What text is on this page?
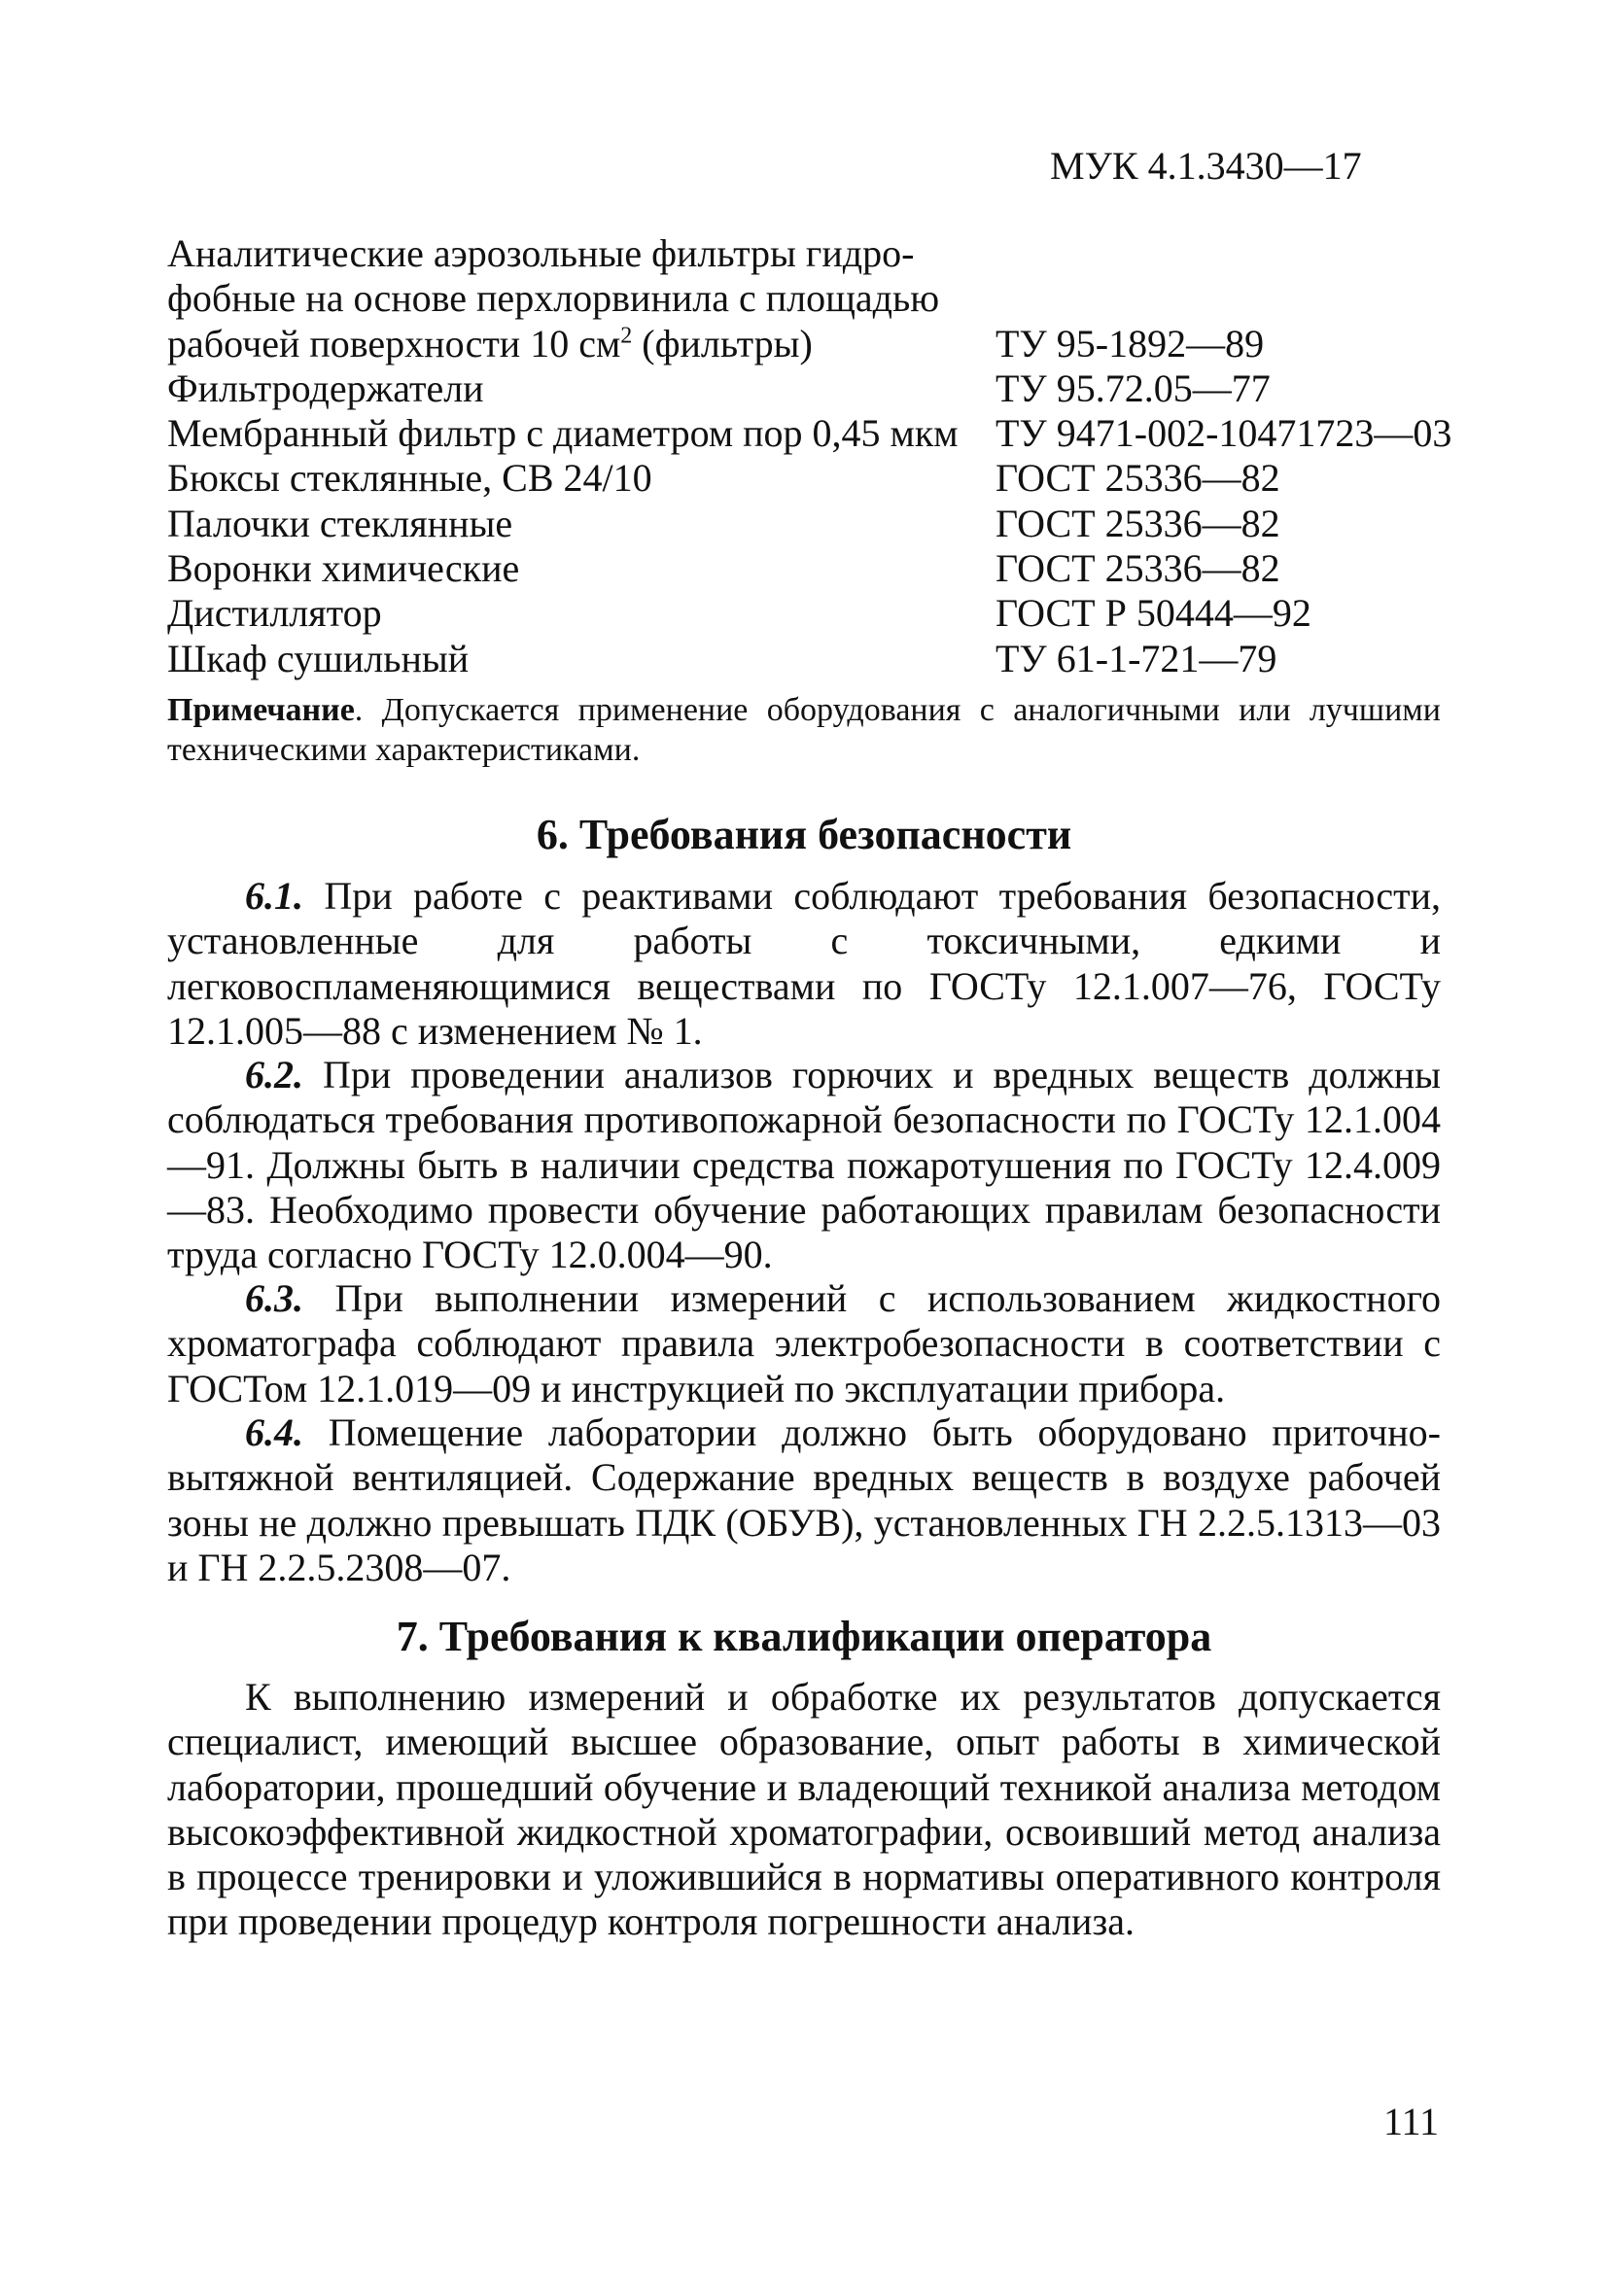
МУК 4.1.3430—17
Аналитические аэрозольные фильтры гидро-
фобные на основе перхлорвинила с площадью
рабочей поверхности 10 $см^2$ (фильтры)	ТУ 95-1892—89
Фильтродержатели	ТУ 95.72.05—77
Мембранный фильтр с диаметром пор 0,45 мкм ТУ 9471-002-10471723—03
Бюксы стеклянные, СВ 24/10	ГОСТ 25336—82
Палочки стеклянные	ГОСТ 25336—82
Воронки химические	ГОСТ 25336—82
Дистиллятор	ГОСТ Р 50444—92
Шкаф сушильный	ТУ 61-1-721—79
Примечание. Допускается применение оборудования с аналогичными или лучшими техническими характеристиками.
6. Требования безопасности

6.1. При работе с реактивами соблюдают требования безопасности, установленные для работы с токсичными, едкими и легковоспламеняющимися веществами по ГОСТу 12.1.007—76, ГОСТу 12.1.005—88 с изменением № 1.

6.2. При проведении анализов горючих и вредных веществ должны соблюдаться требования противопожарной безопасности по ГОСТу 12.1.004—91. Должны быть в наличии средства пожаротушения по ГОСТу 12.4.009—83. Необходимо провести обучение работающих правилам безопасности труда согласно ГОСТу 12.0.004—90.

6.3. При выполнении измерений с использованием жидкостного хроматографа соблюдают правила электробезопасности в соответствии с ГОСТом 12.1.019—09 и инструкцией по эксплуатации прибора.

6.4. Помещение лаборатории должно быть оборудовано приточно-вытяжной вентиляцией. Содержание вредных веществ в воздухе рабочей зоны не должно превышать ПДК (ОБУВ), установленных ГН 2.2.5.1313—03 и ГН 2.2.5.2308—07.

7. Требования к квалификации оператора

К выполнению измерений и обработке их результатов допускается специалист, имеющий высшее образование, опыт работы в химической лаборатории, прошедший обучение и владеющий техникой анализа методом высокоэффективной жидкостной хроматографии, освоивший метод анализа в процессе тренировки и уложившийся в нормативы оперативного контроля при проведении процедур контроля погрешности анализа.

111
